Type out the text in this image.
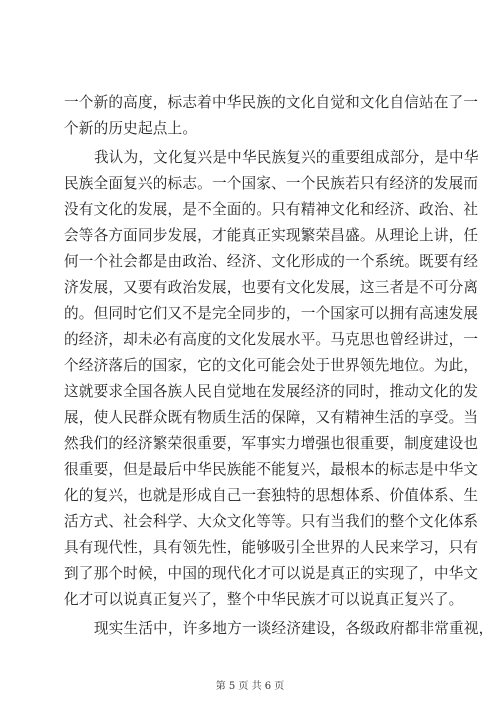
一个新的高度，标志着中华民族的文化自觉和文化自信站在了一
个新的历史起点上。
我认为，文化复兴是中华民族复兴的重要组成部分，是中华
民族全面复兴的标志。一个国家、一个民族若只有经济的发展而
没有文化的发展，是不全面的。只有精神文化和经济、政治、社
会等各方面同步发展，才能真正实现繁荣昌盛。从理论上讲，任
何一个社会都是由政治、经济、文化形成的一个系统。既要有经
济发展，又要有政治发展，也要有文化发展，这三者是不可分离
的。但同时它们又不是完全同步的，一个国家可以拥有高速发展
的经济，却未必有高度的文化发展水平。马克思也曾经讲过，一
个经济落后的国家，它的文化可能会处于世界领先地位。为此，
这就要求全国各族人民自觉地在发展经济的同时，推动文化的发
展，使人民群众既有物质生活的保障，又有精神生活的享受。当
然我们的经济繁荣很重要，军事实力增强也很重要，制度建设也
很重要，但是最后中华民族能不能复兴，最根本的标志是中华文
化的复兴，也就是形成自己一套独特的思想体系、价值体系、生
活方式、社会科学、大众文化等等。只有当我们的整个文化体系
具有现代性，具有领先性，能够吸引全世界的人民来学习，只有
到了那个时候，中国的现代化才可以说是真正的实现了，中华文
化才可以说真正复兴了，整个中华民族才可以说真正复兴了。
现实生活中，许多地方一谈经济建设，各级政府都非常重视，
第 5 页 共 6 页
